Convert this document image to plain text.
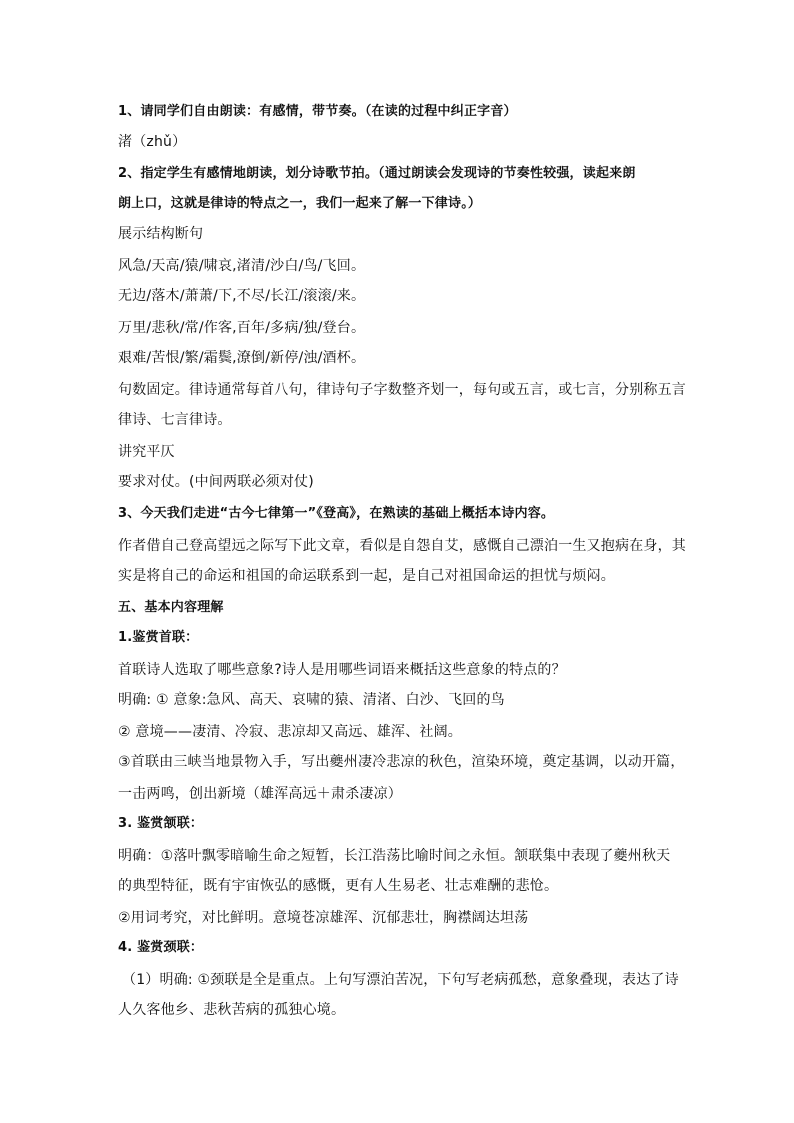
1、请同学们自由朗读：有感情，带节奏。（在读的过程中纠正字音）
渚（zhǔ）
2、指定学生有感情地朗读，划分诗歌节拍。（通过朗读会发现诗的节奏性较强，读起来朗
朗上口，这就是律诗的特点之一，我们一起来了解一下律诗。）
展示结构断句
风急/天高/猿/啸哀,渚清/沙白/鸟/飞回。
无边/落木/萧萧/下,不尽/长江/滚滚/来。
万里/悲秋/常/作客,百年/多病/独/登台。
艰难/苦恨/繁/霜鬓,潦倒/新停/浊/酒杯。
句数固定。律诗通常每首八句，律诗句子字数整齐划一，每句或五言，或七言，分别称五言
律诗、七言律诗。
讲究平仄
要求对仗。(中间两联必须对仗)
3、今天我们走进“古今七律第一”《登高》，在熟读的基础上概括本诗内容。
作者借自己登高望远之际写下此文章，看似是自怨自艾，感慨自己漂泊一生又抱病在身，其
实是将自己的命运和祖国的命运联系到一起，是自己对祖国命运的担忧与烦闷。
五、基本内容理解
1.鉴赏首联：
首联诗人选取了哪些意象?诗人是用哪些词语来概括这些意象的特点的？
明确: ① 意象:急风、高天、哀啸的猿、清渚、白沙、飞回的鸟
② 意境——凄清、冷寂、悲凉却又高远、雄浑、社阔。
③首联由三峡当地景物入手，写出夔州凄冷悲凉的秋色，渲染环境，奠定基调，以动开篇，
一击两鸣，创出新境（雄浑高远＋肃杀凄凉）
3. 鉴赏颔联：
明确：①落叶飘零暗喻生命之短暂，长江浩荡比喻时间之永恒。颔联集中表现了夔州秋天
的典型特征，既有宇宙恢弘的感慨，更有人生易老、壮志难酬的悲怆。
②用词考究，对比鲜明。意境苍凉雄浑、沉郁悲壮，胸襟阔达坦荡
4. 鉴赏颈联：
（1）明确: ①颈联是全是重点。上句写漂泊苦况，下句写老病孤愁，意象叠现，表达了诗
人久客他乡、悲秋苦病的孤独心境。
